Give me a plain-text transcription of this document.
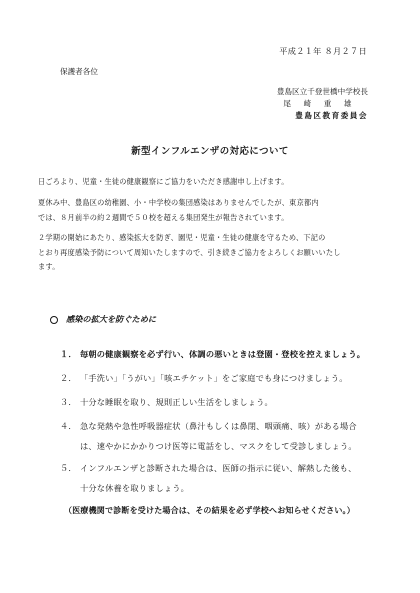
平成２１年 ８月２７日
保護者各位
豊島区立千登世橋中学校長
尾　崎　重　雄
豊島区教育委員会
新型インフルエンザの対応について
日ごろより、児童・生徒の健康観察にご協力をいただき感謝申し上げます。
夏休み中、豊島区の幼稚園、小・中学校の集団感染はありませんでしたが、東京都内
では、８月前半の約２週間で５０校を超える集団発生が報告されています。
２学期の開始にあたり、感染拡大を防ぎ、園児・児童・生徒の健康を守るため、下記の
とおり再度感染予防について周知いたしますので、引き続きご協力をよろしくお願いいたし
ます。
感染の拡大を防ぐために
１． 毎朝の健康観察を必ず行い、体調の悪いときは登園・登校を控えましょう。
２． 「手洗い」「うがい」「咳エチケット」をご家庭でも身につけましょう。
３． 十分な睡眠を取り、規則正しい生活をしましょう。
４． 急な発熱や急性呼吸器症状（鼻汁もしくは鼻閉、咽頭痛、咳）がある場合
は、速やかにかかりつけ医等に電話をし、マスクをして受診しましょう。
５． インフルエンザと診断された場合は、医師の指示に従い、解熱した後も、
十分な休養を取りましょう。
（医療機関で診断を受けた場合は、その結果を必ず学校へお知らせください。）
